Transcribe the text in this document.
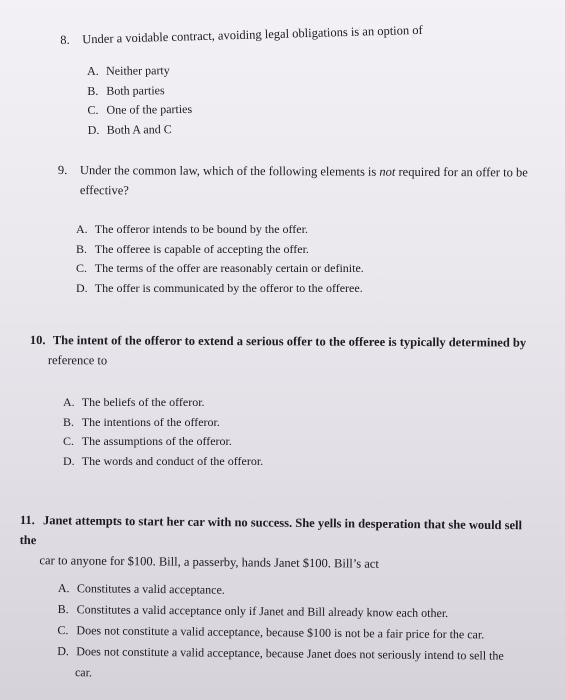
8. Under a voidable contract, avoiding legal obligations is an option of
A. Neither party
B. Both parties
C. One of the parties
D. Both A and C
9. Under the common law, which of the following elements is not required for an offer to be
effective?
A. The offeror intends to be bound by the offer.
B. The offeree is capable of accepting the offer.
C. The terms of the offer are reasonably certain or definite.
D. The offer is communicated by the offeror to the offeree.
10. The intent of the offeror to extend a serious offer to the offeree is typically determined by
reference to
A. The beliefs of the offeror.
B. The intentions of the offeror.
C. The assumptions of the offeror.
D. The words and conduct of the offeror.
11. Janet attempts to start her car with no success. She yells in desperation that she would sell the
car to anyone for $100. Bill, a passerby, hands Janet $100. Bill’s act
A. Constitutes a valid acceptance.
B. Constitutes a valid acceptance only if Janet and Bill already know each other.
C. Does not constitute a valid acceptance, because $100 is not be a fair price for the car.
D. Does not constitute a valid acceptance, because Janet does not seriously intend to sell the
car.
